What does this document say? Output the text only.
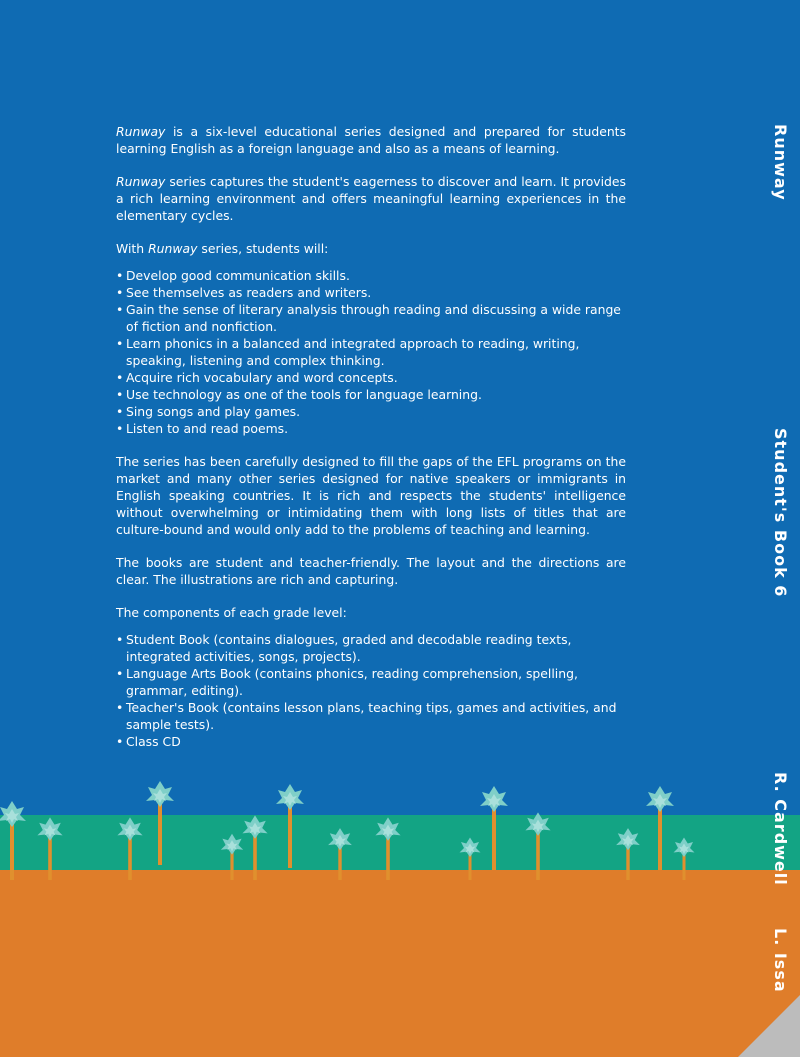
Runway is a six-level educational series designed and prepared for students learning English as a foreign language and also as a means of learning.

Runway series captures the student's eagerness to discover and learn. It provides a rich learning environment and offers meaningful learning experiences in the elementary cycles.

With Runway series, students will:

• Develop good communication skills.
• See themselves as readers and writers.
• Gain the sense of literary analysis through reading and discussing a wide range of fiction and nonfiction.
• Learn phonics in a balanced and integrated approach to reading, writing, speaking, listening and complex thinking.
• Acquire rich vocabulary and word concepts.
• Use technology as one of the tools for language learning.
• Sing songs and play games.
• Listen to and read poems.

The series has been carefully designed to fill the gaps of the EFL programs on the market and many other series designed for native speakers or immigrants in English speaking countries. It is rich and respects the students' intelligence without overwhelming or intimidating them with long lists of titles that are culture-bound and would only add to the problems of teaching and learning.

The books are student and teacher-friendly. The layout and the directions are clear. The illustrations are rich and capturing.

The components of each grade level:

• Student Book (contains dialogues, graded and decodable reading texts, integrated activities, songs, projects).
• Language Arts Book (contains phonics, reading comprehension, spelling, grammar, editing).
• Teacher's Book (contains lesson plans, teaching tips, games and activities, and sample tests).
• Class CD
Runway
Student's Book 6
R. Cardwell
L. Issa
